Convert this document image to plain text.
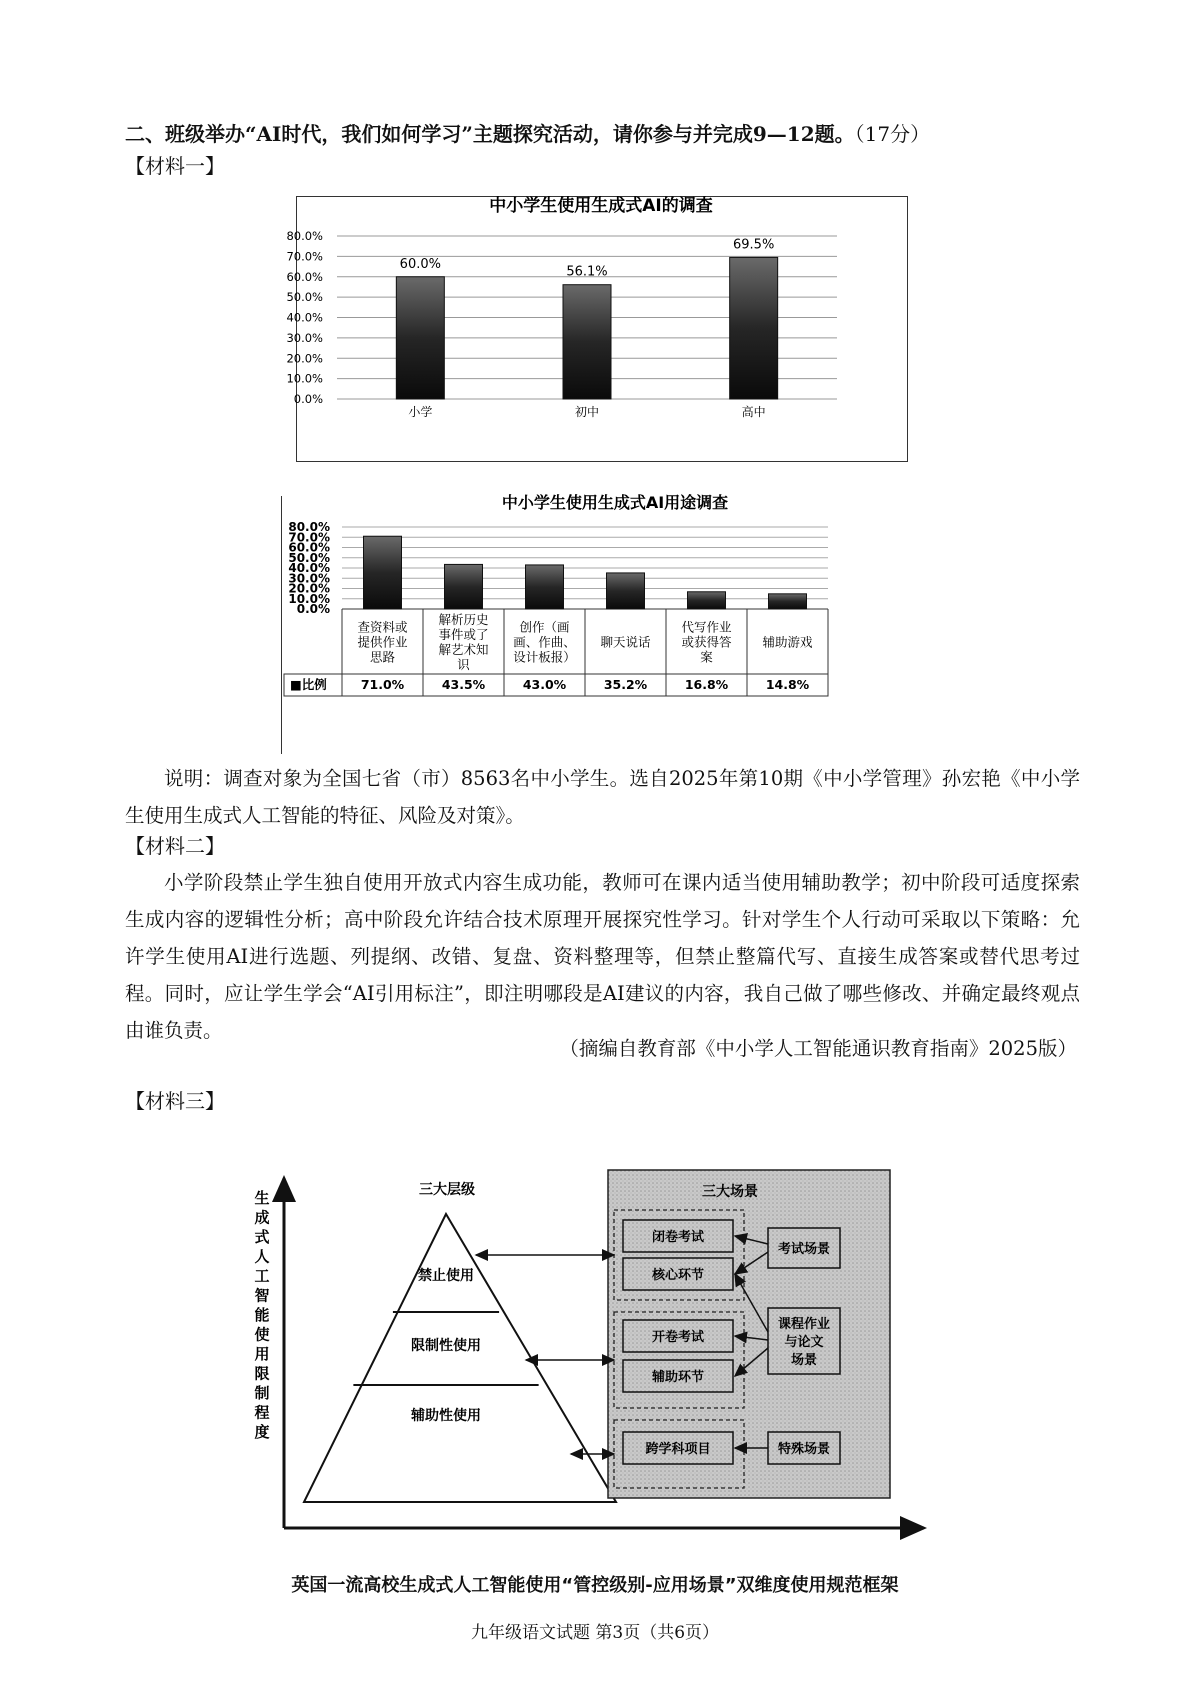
二、班级举办“AI时代，我们如何学习”主题探究活动，请你参与并完成9—12题。（17分）
【材料一】
中小学生使用生成式AI的调查
0.0%
10.0%
20.0%
30.0%
40.0%
50.0%
60.0%
70.0%
80.0%
60.0%
小学
56.1%
初中
69.5%
高中
中小学生使用生成式AI用途调查
0.0%
10.0%
20.0%
30.0%
40.0%
50.0%
60.0%
70.0%
80.0%
■比例
查资料或
提供作业
思路
71.0%
解析历史
事件或了
解艺术知
识
43.5%
创作（画
画、作曲、
设计板报）
43.0%
聊天说话
35.2%
代写作业
或获得答
案
16.8%
辅助游戏
14.8%

说明：调查对象为全国七省（市）8563名中小学生。选自2025年第10期《中小学管理》孙宏艳《中小学生使用生成式人工智能的特征、风险及对策》。

【材料二】

小学阶段禁止学生独自使用开放式内容生成功能，教师可在课内适当使用辅助教学；初中阶段可适度探索生成内容的逻辑性分析；高中阶段允许结合技术原理开展探究性学习。针对学生个人行动可采取以下策略：允许学生使用AI进行选题、列提纲、改错、复盘、资料整理等，但禁止整篇代写、直接生成答案或替代思考过程。同时，应让学生学会“AI引用标注”，即注明哪段是AI建议的内容，我自己做了哪些修改、并确定最终观点由谁负责。

（摘编自教育部《中小学人工智能通识教育指南》2025版）
【材料三】
生
成
式
人
工
智
能
使
用
限
制
程
度
三大层级
禁止使用
限制性使用
辅助性使用
三大场景
闭卷考试
核心环节
开卷考试
辅助环节
跨学科项目
考试场景
课程作业
与论文
场景
特殊场景
英国一流高校生成式人工智能使用“管控级别-应用场景”双维度使用规范框架
九年级语文试题 第3页（共6页）
